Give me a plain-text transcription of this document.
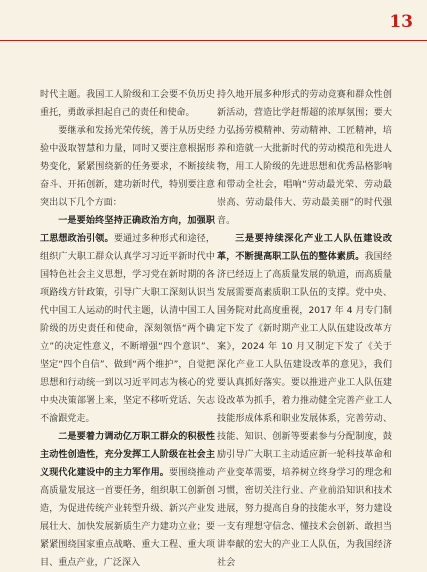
13

时代主题。我国工人阶级和工会要不负历史重托，勇敢承担起自己的责任和使命。

要继承和发扬光荣传统，善于从历史经验中汲取智慧和力量，同时又要注意根据形势变化，紧紧围绕新的任务要求，不断接续奋斗、开拓创新，建功新时代，特别要注意突出以下几个方面：

一是要始终坚持正确政治方向，加强职工思想政治引领。要通过多种形式和途径，组织广大职工群众认真学习习近平新时代中国特色社会主义思想，学习党在新时期的各项路线方针政策，引导广大职工深刻认识当代中国工人运动的时代主题，认清中国工人阶级的历史责任和使命，深刻领悟“两个确立”的决定性意义，不断增强“四个意识”、坚定“四个自信”、做到“两个维护”，自觉把思想和行动统一到以习近平同志为核心的党中央决策部署上来，坚定不移听党话、矢志不渝跟党走。

二是要着力调动亿万职工群众的积极性主动性创造性，充分发挥工人阶级在社会主义现代化建设中的主力军作用。要围绕推动高质量发展这一首要任务，组织职工创新创造，为促进传统产业转型升级、新兴产业发展壮大、加快发展新质生产力建功立业；要紧紧围绕国家重点战略、重大工程、重大项目、重点产业，广泛深入

持久地开展多种形式的劳动竞赛和群众性创新活动，营造比学赶帮超的浓厚氛围；要大力弘扬劳模精神、劳动精神、工匠精神，培养和造就一大批新时代的劳动模范和先进人物，用工人阶级的先进思想和优秀品格影响和带动全社会，唱响“劳动最光荣、劳动最崇高、劳动最伟大、劳动最美丽”的时代强音。

三是要持续深化产业工人队伍建设改革，不断提高职工队伍的整体素质。我国经济已经迈上了高质量发展的轨道，而高质量发展需要高素质职工队伍的支撑。党中央、国务院对此高度重视，2017 年 4 月专门制定下发了《新时期产业工人队伍建设改革方案》，2024 年 10 月又制定下发了《关于深化产业工人队伍建设改革的意见》，我们要认真抓好落实。要以推进产业工人队伍建设改革为抓手，着力推动健全完善产业工人技能形成体系和职业发展体系，完善劳动、技能、知识、创新等要素参与分配制度，鼓励引导广大职工主动适应新一轮科技革命和产业变革需要，培养树立终身学习的理念和习惯，密切关注行业、产业前沿知识和技术进展，努力提高自身的技能水平，努力建设一支有理想守信念、懂技术会创新、敢担当讲奉献的宏大的产业工人队伍，为我国经济社会
